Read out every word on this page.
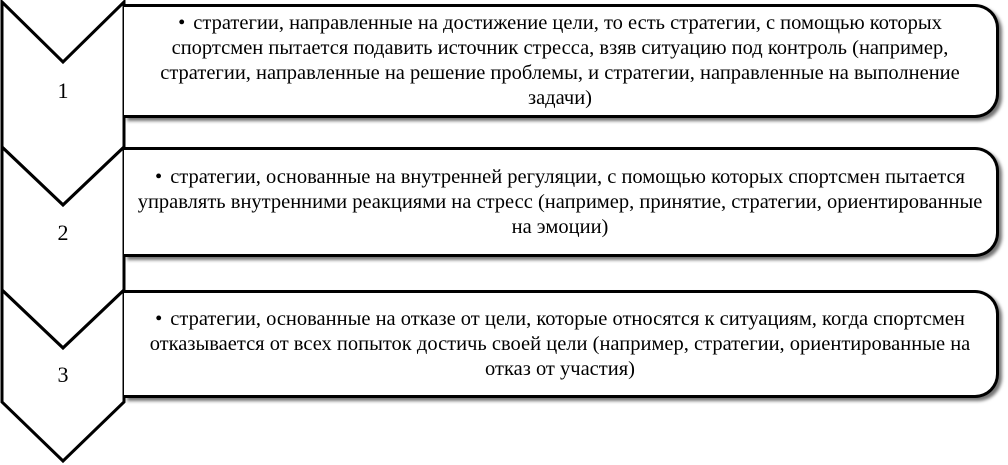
1
2
3
• стратегии, направленные на достижение цели, то есть стратегии, с помощью которых спортсмен пытается подавить источник стресса, взяв ситуацию под контроль (например, стратегии, направленные на решение проблемы, и стратегии, направленные на выполнение задачи)
• стратегии, основанные на внутренней регуляции, с помощью которых спортсмен пытается управлять внутренними реакциями на стресс (например, принятие, стратегии, ориентированные на эмоции)
• стратегии, основанные на отказе от цели, которые относятся к ситуациям, когда спортсмен отказывается от всех попыток достичь своей цели (например, стратегии, ориентированные на отказ от участия)
